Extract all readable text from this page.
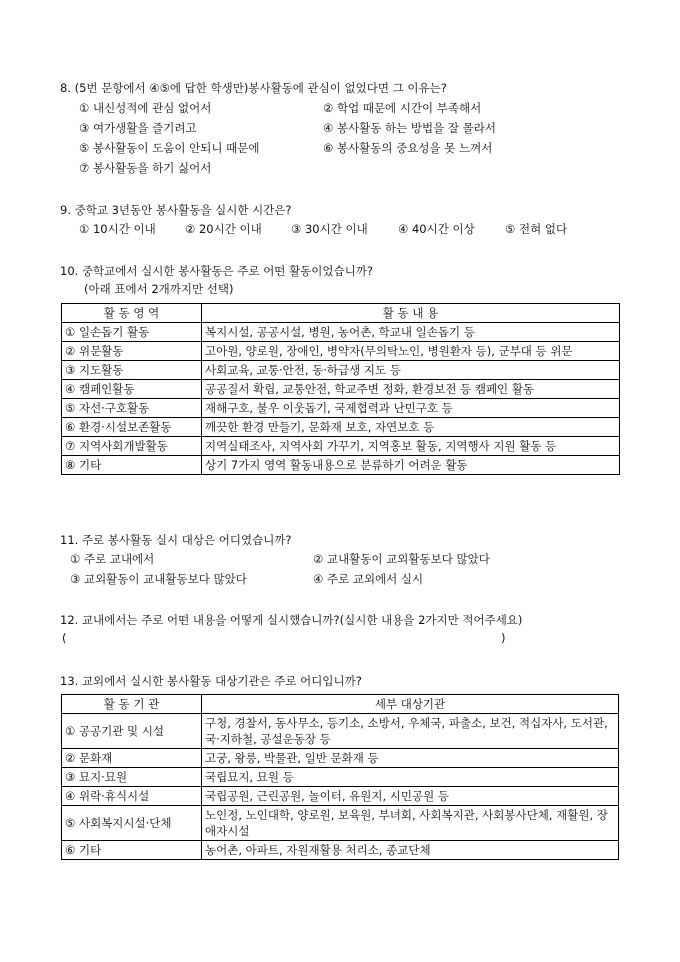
8. (5번 문항에서 ④⑤에 답한 학생만)봉사활동에 관심이 없었다면 그 이유는?
① 내신성적에 관심 없어서	② 학업 때문에 시간이 부족해서
③ 여가생활을 즐기려고	④ 봉사활동 하는 방법을 잘 몰라서
⑤ 봉사활동이 도움이 안되니 때문에	⑥ 봉사활동의 중요성을 못 느껴서
⑦ 봉사활동을 하기 싫어서
9. 중학교 3년동안 봉사활동을 실시한 시간은?
① 10시간 이내	② 20시간 이내	③ 30시간 이내	④ 40시간 이상	⑤ 전혀 없다
10. 중학교에서 실시한 봉사활동은 주로 어떤 활동이었습니까?
(아래 표에서 2개까지만 선택)
활 동 영 역	활 동 내 용
① 일손돕기 활동	복지시설, 공공시설, 병원, 농어촌, 학교내 일손돕기 등
② 위문활동	고아원, 양로원, 장애인, 병약자(무의탁노인, 병원환자 등), 군부대 등 위문
③ 지도활동	사회교육, 교통·안전, 동·하급생 지도 등
④ 캠페인활동	공공질서 확립, 교통안전, 학교주변 정화, 환경보전 등 캠페인 활동
⑤ 자선·구호활동	재해구호, 불우 이웃돕기, 국제협력과 난민구호 등
⑥ 환경·시설보존활동	깨끗한 환경 만들기, 문화재 보호, 자연보호 등
⑦ 지역사회개발활동	지역실태조사, 지역사회 가꾸기, 지역홍보 활동, 지역행사 지원 활동 등
⑧ 기타	상기 7가지 영역 활동내용으로 분류하기 어려운 활동
11. 주로 봉사활동 실시 대상은 어디였습니까?
① 주로 교내에서	② 교내활동이 교외활동보다 많았다
③ 교외활동이 교내활동보다 많았다	④ 주로 교외에서 실시
12. 교내에서는 주로 어떤 내용을 어떻게 실시했습니까?(실시한 내용을 2가지만 적어주세요)
(	)
13. 교외에서 실시한 봉사활동 대상기관은 주로 어디입니까?
활 동 기 관	세부 대상기관
① 공공기관 및 시설	구청, 경찰서, 동사무소, 등기소, 소방서, 우체국, 파출소, 보건, 적십자사, 도서관, 국·지하철, 공설운동장 등
② 문화재	고궁, 왕릉, 박물관, 일반 문화재 등
③ 묘지·묘원	국립묘지, 묘원 등
④ 위락·휴식시설	국립공원, 근린공원, 놀이터, 유원지, 시민공원 등
⑤ 사회복지시설·단체	노인정, 노인대학, 양로원, 보육원, 부녀회, 사회복지관, 사회봉사단체, 재활원, 장애자시설
⑥ 기타	농어촌, 아파트, 자원재활용 처리소, 종교단체
